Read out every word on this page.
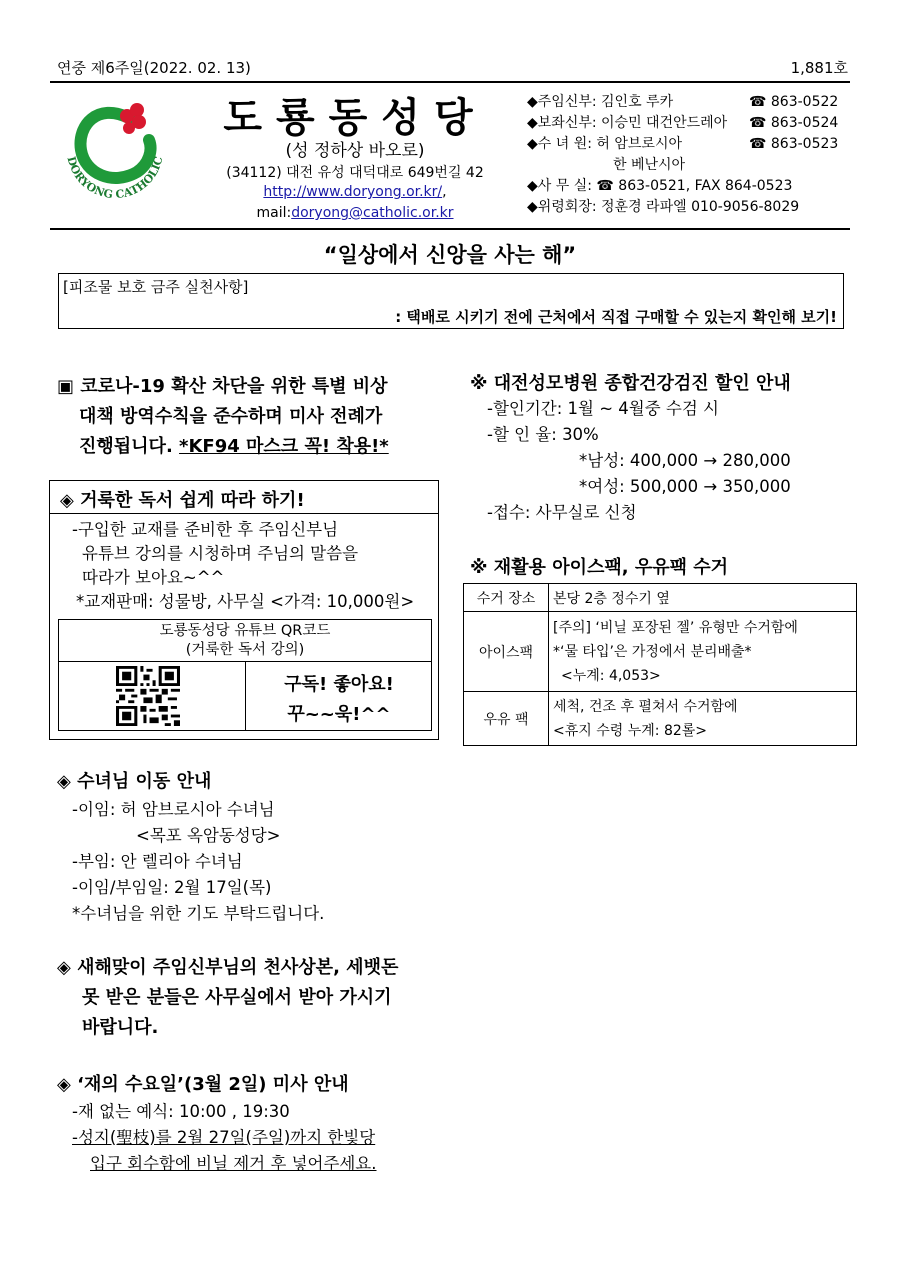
연중 제6주일(2022. 02. 13)	1,881호
DORYONG CATHOLIC
도룡동성당
(성 정하상 바오로)
(34112) 대전 유성 대덕대로 649번길 42
http://www.doryong.or.kr/,
mail:doryong@catholic.or.kr
◆주임신부: 김인호 루카	☎ 863-0522
◆보좌신부: 이승민 대건안드레아 ☎ 863-0524
◆수 녀 원: 허 암브로시아	☎ 863-0523
한 베난시아
◆사 무 실: ☎ 863-0521, FAX 864-0523
◆위령회장: 정훈경 라파엘 010-9056-8029
“일상에서 신앙을 사는 해”
[피조물 보호 금주 실천사항]
: 택배로 시키기 전에 근처에서 직접 구매할 수 있는지 확인해 보기!
▣ 코로나-19 확산 차단을 위한 특별 비상
대책 방역수칙을 준수하며 미사 전례가
진행됩니다. *KF94 마스크 꼭! 착용!*
◈ 거룩한 독서 쉽게 따라 하기!
-구입한 교재를 준비한 후 주임신부님
유튜브 강의를 시청하며 주님의 말씀을
따라가 보아요~^^
*교재판매: 성물방, 사무실 <가격: 10,000원>
도룡동성당 유튜브 QR코드
(거룩한 독서 강의)
구독! 좋아요!
꾸~~욱!^^
◈ 수녀님 이동 안내
-이임: 허 암브로시아 수녀님
<목포 옥암동성당>
-부임: 안 렐리아 수녀님
-이임/부임일: 2월 17일(목)
*수녀님을 위한 기도 부탁드립니다.
◈ 새해맞이 주임신부님의 천사상본, 세뱃돈
못 받은 분들은 사무실에서 받아 가시기
바랍니다.
◈ ‘재의 수요일’(3월 2일) 미사 안내
-재 없는 예식: 10:00 , 19:30
-성지(聖枝)를 2월 27일(주일)까지 한빛당
입구 회수함에 비닐 제거 후 넣어주세요.
※ 대전성모병원 종합건강검진 할인 안내
-할인기간: 1월 ~ 4월중 수검 시
-할 인 율: 30%
*남성: 400,000 → 280,000
*여성: 500,000 → 350,000
-접수: 사무실로 신청
※ 재활용 아이스팩, 우유팩 수거
수거 장소	본당 2층 정수기 옆
아이스팩	[주의] ‘비닐 포장된 젤’ 유형만 수거함에
*‘물 타입’은 가정에서 분리배출*
<누계: 4,053>

우유 팩	세척, 건조 후 펼쳐서 수거함에
<휴지 수령 누계: 82롤>
